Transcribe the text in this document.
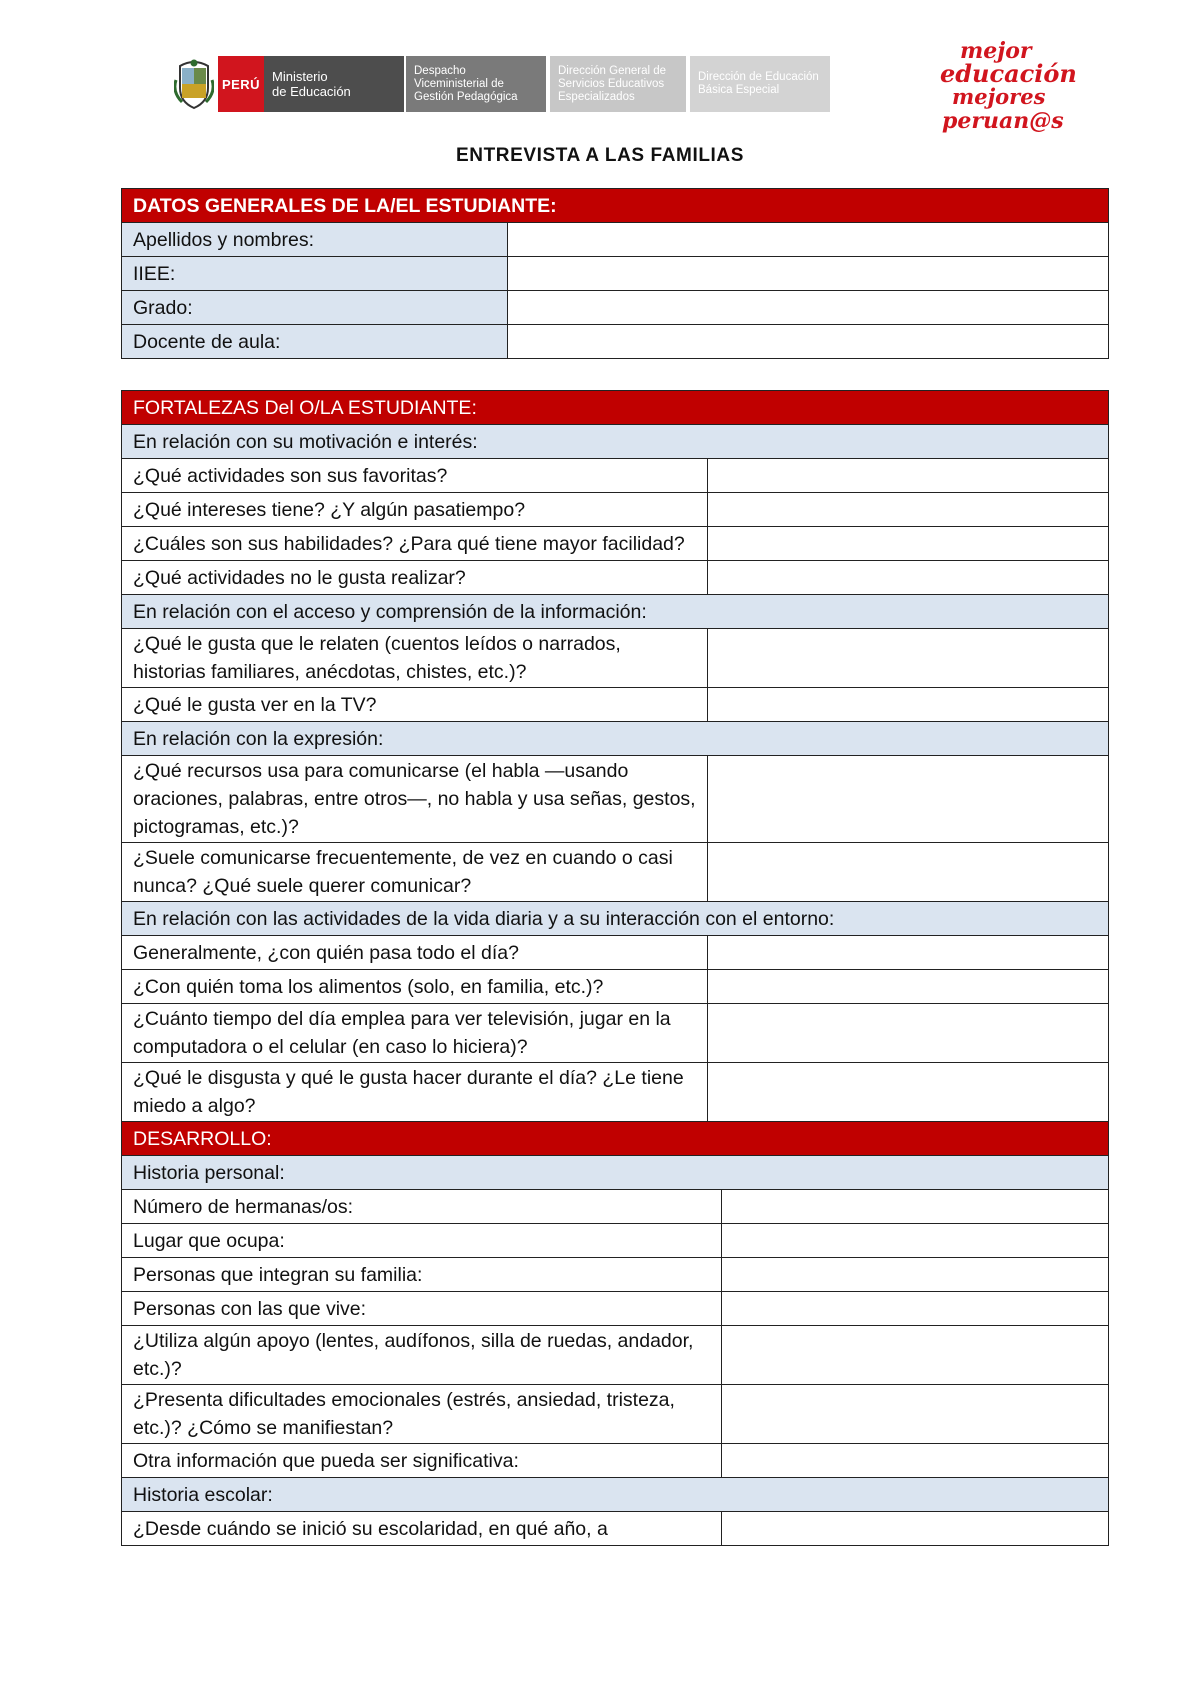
PERÚ Ministerio
de Educación
Despacho
Viceministerial de
Gestión Pedagógica
Dirección General de
Servicios Educativos
Especializados
Dirección de Educación
Básica Especial
mejor
educación
mejores
peruan@s
ENTREVISTA A LAS FAMILIAS
DATOS GENERALES DE LA/EL ESTUDIANTE:	
Apellidos y nombres:	
IIEE:	
Grado:	
Docente de aula:	
FORTALEZAS Del O/LA ESTUDIANTE:		
En relación con su motivación e interés:		
¿Qué actividades son sus favoritas?		
¿Qué intereses tiene? ¿Y algún pasatiempo?		
¿Cuáles son sus habilidades? ¿Para qué tiene mayor facilidad?		
¿Qué actividades no le gusta realizar?		
En relación con el acceso y comprensión de la información:		
¿Qué le gusta que le relaten (cuentos leídos o narrados, historias familiares, anécdotas, chistes, etc.)?		
¿Qué le gusta ver en la TV?		
En relación con la expresión:		
¿Qué recursos usa para comunicarse (el habla —usando oraciones, palabras, entre otros—, no habla y usa señas, gestos, pictogramas, etc.)?		
¿Suele comunicarse frecuentemente, de vez en cuando o casi nunca? ¿Qué suele querer comunicar?		
En relación con las actividades de la vida diaria y a su interacción con el entorno:		
Generalmente, ¿con quién pasa todo el día?		
¿Con quién toma los alimentos (solo, en familia, etc.)?		
¿Cuánto tiempo del día emplea para ver televisión, jugar en la computadora o el celular (en caso lo hiciera)?		
¿Qué le disgusta y qué le gusta hacer durante el día? ¿Le tiene miedo a algo?		
DESARROLLO:		
Historia personal:		
Número de hermanas/os:		
Lugar que ocupa:		
Personas que integran su familia:		
Personas con las que vive:		
¿Utiliza algún apoyo (lentes, audífonos, silla de ruedas, andador, etc.)?		
¿Presenta dificultades emocionales (estrés, ansiedad, tristeza, etc.)? ¿Cómo se manifiestan?		
Otra información que pueda ser significativa:		
Historia escolar:		
¿Desde cuándo se inició su escolaridad, en qué año, a		
